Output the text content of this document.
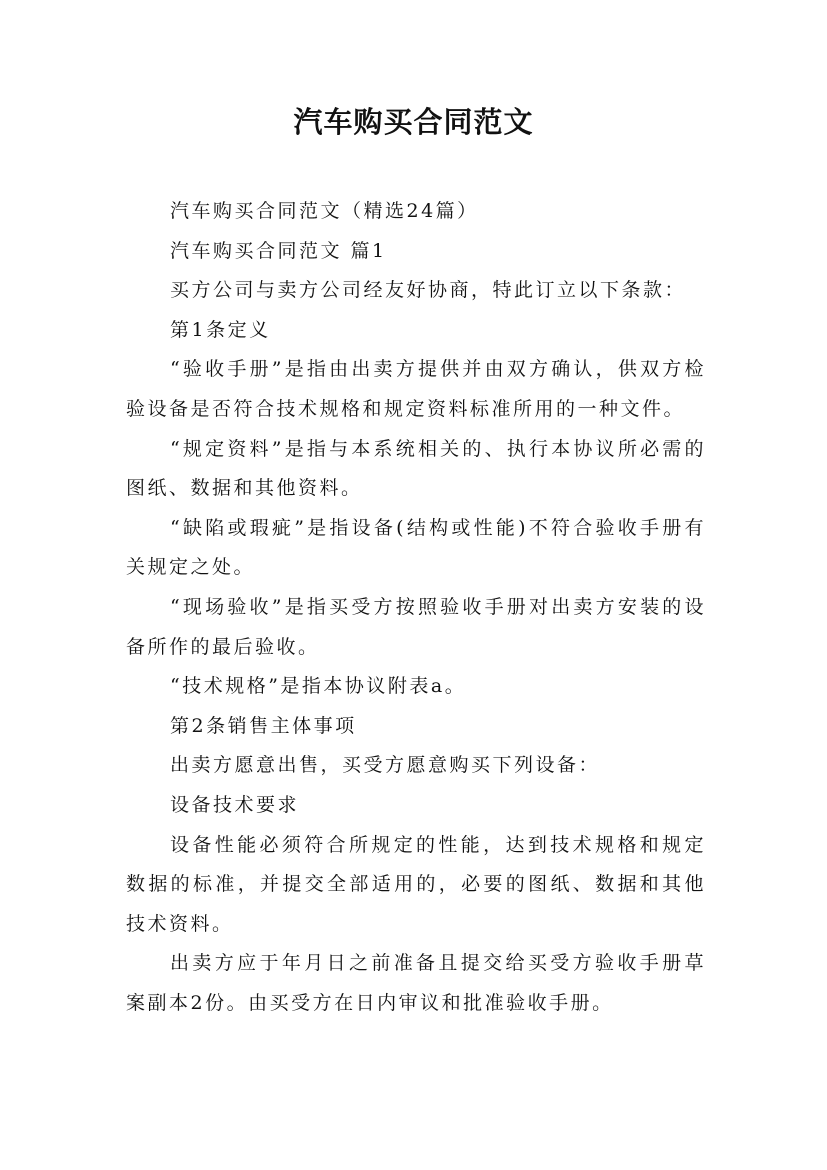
汽车购买合同范文

汽车购买合同范文（精选24篇）

汽车购买合同范文 篇1

买方公司与卖方公司经友好协商，特此订立以下条款：

第1条定义

“验收手册”是指由出卖方提供并由双方确认，供双方检验设备是否符合技术规格和规定资料标准所用的一种文件。

“规定资料”是指与本系统相关的、执行本协议所必需的图纸、数据和其他资料。

“缺陷或瑕疵”是指设备(结构或性能)不符合验收手册有关规定之处。

“现场验收”是指买受方按照验收手册对出卖方安装的设备所作的最后验收。

“技术规格”是指本协议附表a。

第2条销售主体事项

出卖方愿意出售，买受方愿意购买下列设备：

设备技术要求

设备性能必须符合所规定的性能，达到技术规格和规定数据的标准，并提交全部适用的，必要的图纸、数据和其他技术资料。

出卖方应于年月日之前准备且提交给买受方验收手册草案副本2份。由买受方在日内审议和批准验收手册。
